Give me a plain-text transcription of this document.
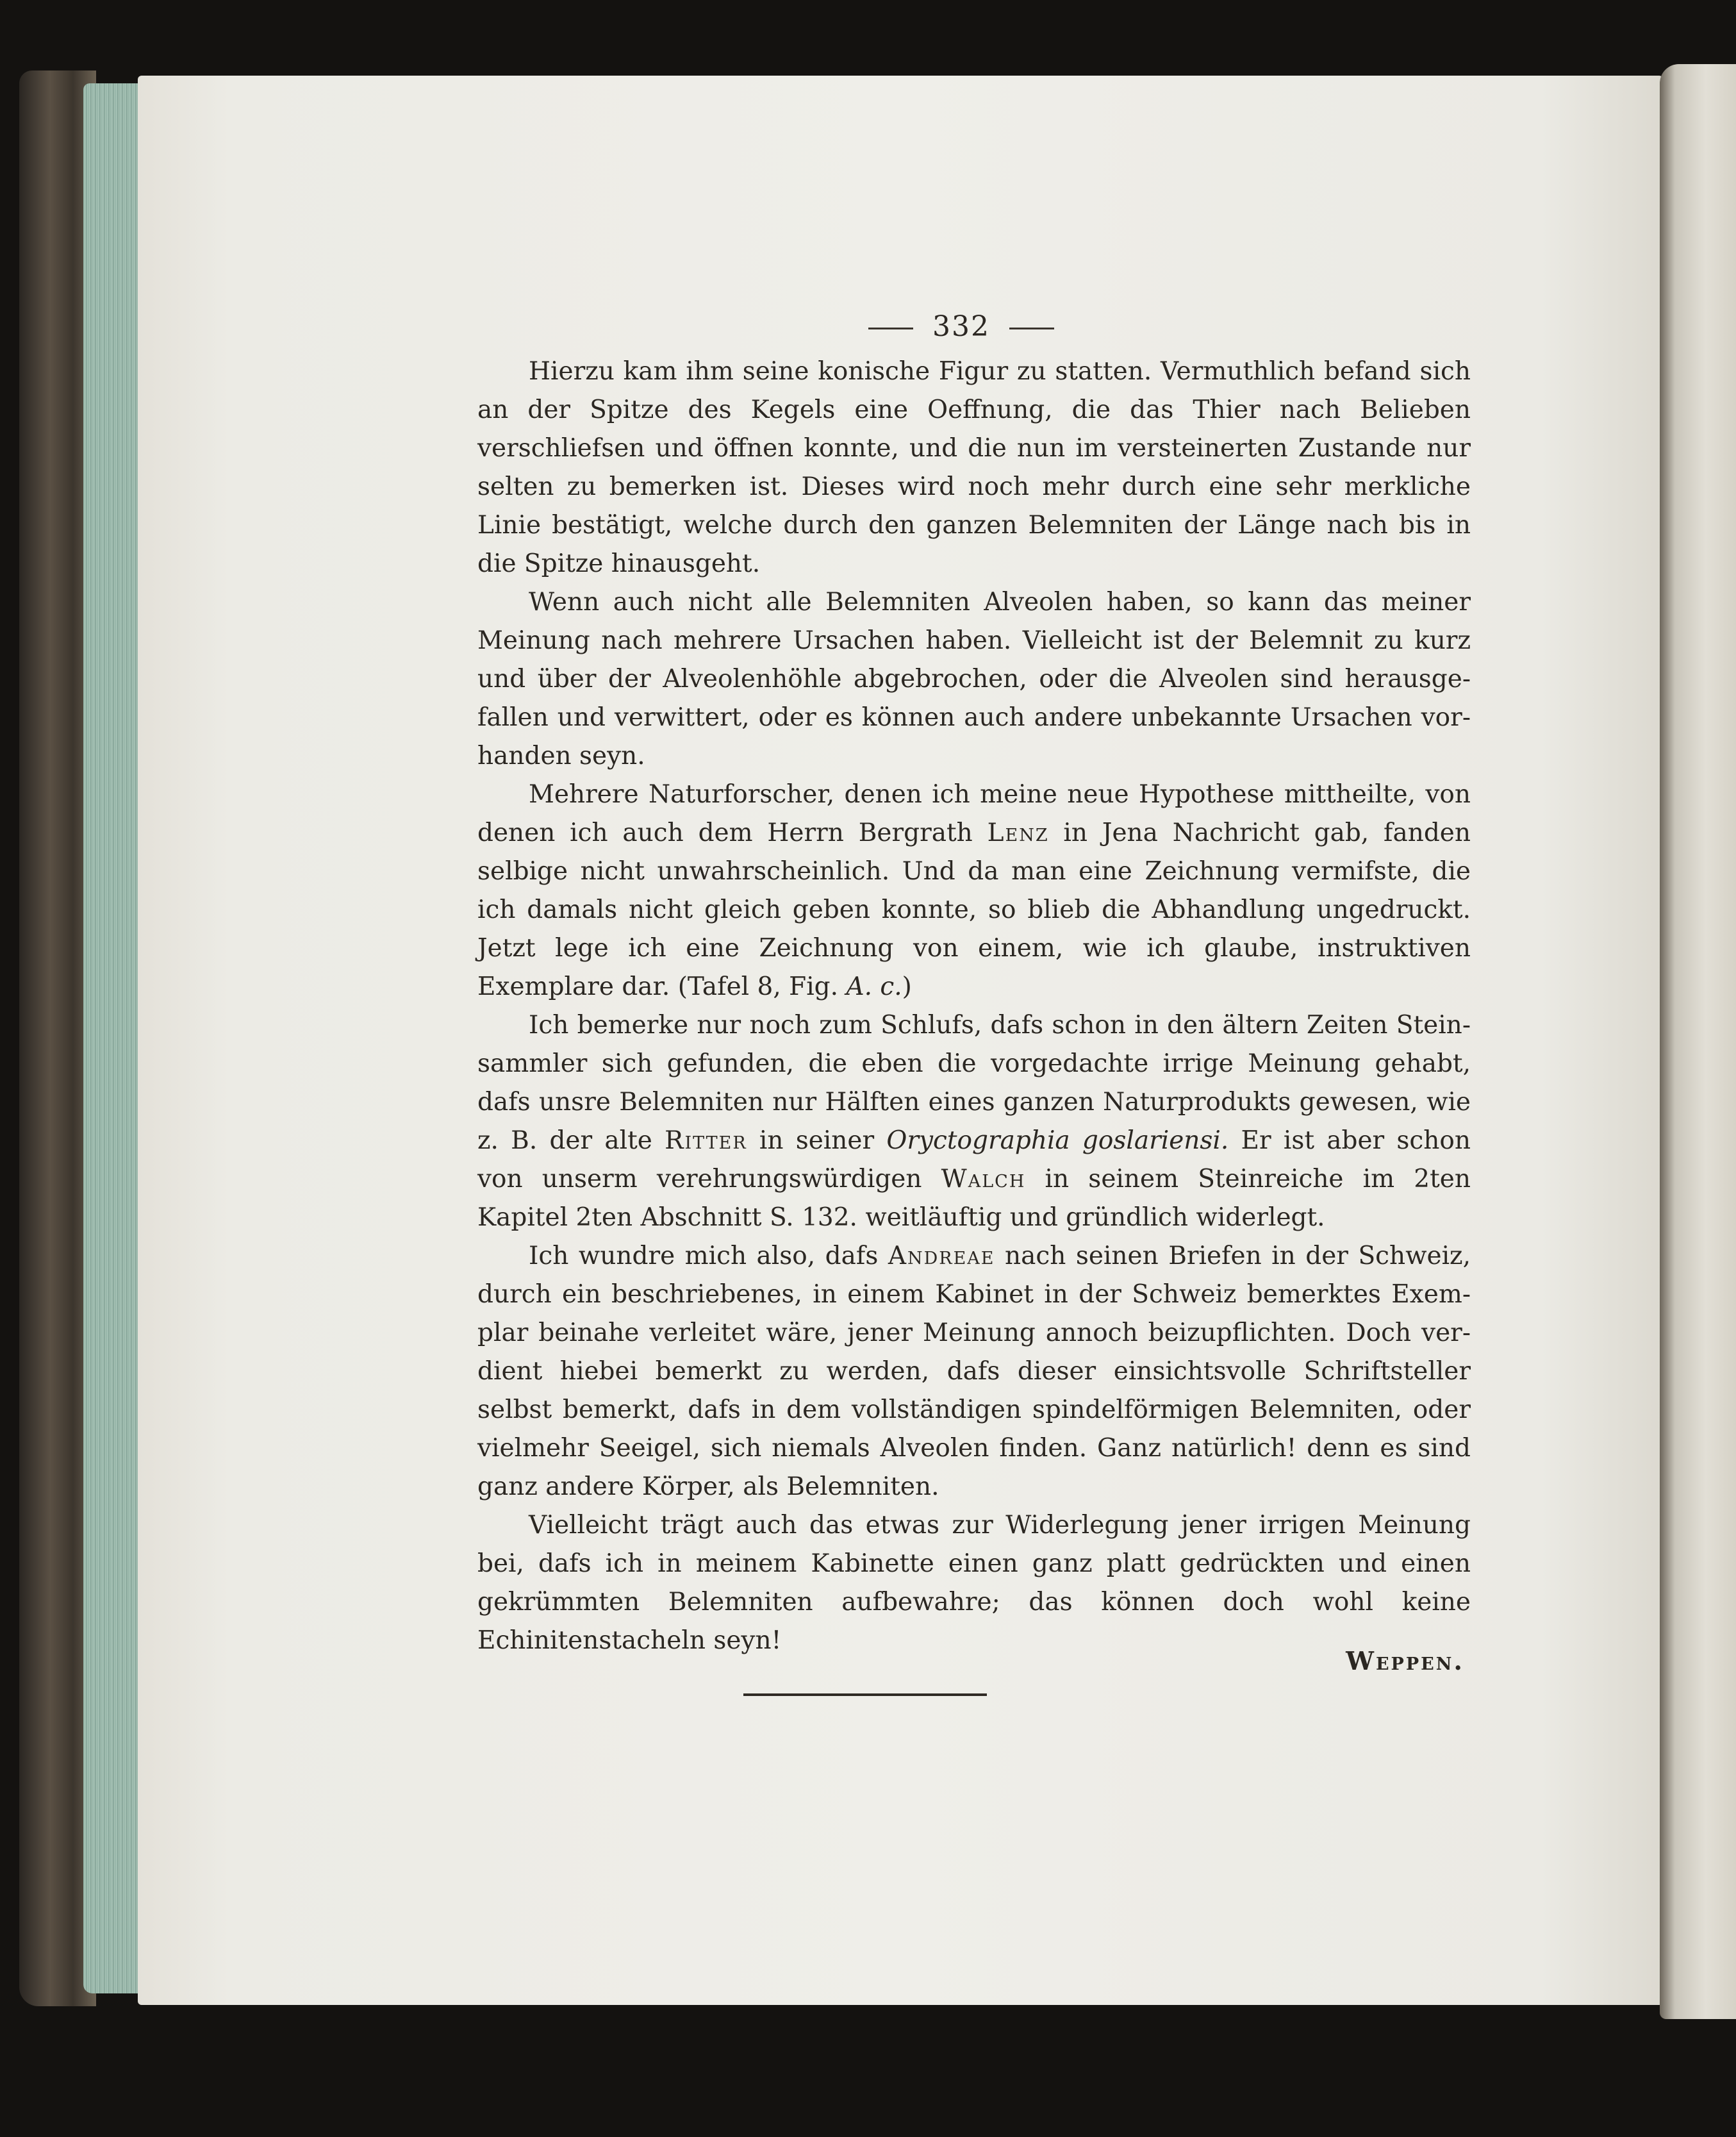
332

Hierzu kam ihm seine konische Figur zu statten. Vermuthlich befand sich an der Spitze des Kegels eine Oeffnung, die das Thier nach Belieben verschliefsen und öffnen konnte, und die nun im versteinerten Zustande nur selten zu bemerken ist. Dieses wird noch mehr durch eine sehr merkliche Linie bestätigt, welche durch den ganzen Belemniten der Länge nach bis in die Spitze hinausgeht.

Wenn auch nicht alle Belemniten Alveolen haben, so kann das meiner Meinung nach mehrere Ursachen haben. Vielleicht ist der Belemnit zu kurz und über der Alveolenhöhle abgebrochen, oder die Alveolen sind herausgefallen und verwittert, oder es können auch andere unbekannte Ursachen vorhanden seyn.

Mehrere Naturforscher, denen ich meine neue Hypothese mittheilte, von denen ich auch dem Herrn Bergrath Lenz in Jena Nachricht gab, fanden selbige nicht unwahrscheinlich. Und da man eine Zeichnung vermifste, die ich damals nicht gleich geben konnte, so blieb die Abhandlung ungedruckt. Jetzt lege ich eine Zeichnung von einem, wie ich glaube, instruktiven Exemplare dar. (Tafel 8, Fig. A. c.)

Ich bemerke nur noch zum Schlufs, dafs schon in den ältern Zeiten Steinsammler sich gefunden, die eben die vorgedachte irrige Meinung gehabt, dafs unsre Belemniten nur Hälften eines ganzen Naturprodukts gewesen, wie z. B. der alte Ritter in seiner Oryctographia goslariensi. Er ist aber schon von unserm verehrungswürdigen Walch in seinem Steinreiche im 2ten Kapitel 2ten Abschnitt S. 132. weitläuftig und gründlich widerlegt.

Ich wundre mich also, dafs Andreae nach seinen Briefen in der Schweiz, durch ein beschriebenes, in einem Kabinet in der Schweiz bemerktes Exemplar beinahe verleitet wäre, jener Meinung annoch beizupflichten. Doch verdient hiebei bemerkt zu werden, dafs dieser einsichtsvolle Schriftsteller selbst bemerkt, dafs in dem vollständigen spindelförmigen Belemniten, oder vielmehr Seeigel, sich niemals Alveolen finden. Ganz natürlich! denn es sind ganz andere Körper, als Belemniten.

Vielleicht trägt auch das etwas zur Widerlegung jener irrigen Meinung bei, dafs ich in meinem Kabinette einen ganz platt gedrückten und einen gekrümmten Belemniten aufbewahre; das können doch wohl keine Echinitenstacheln seyn!

Weppen.
